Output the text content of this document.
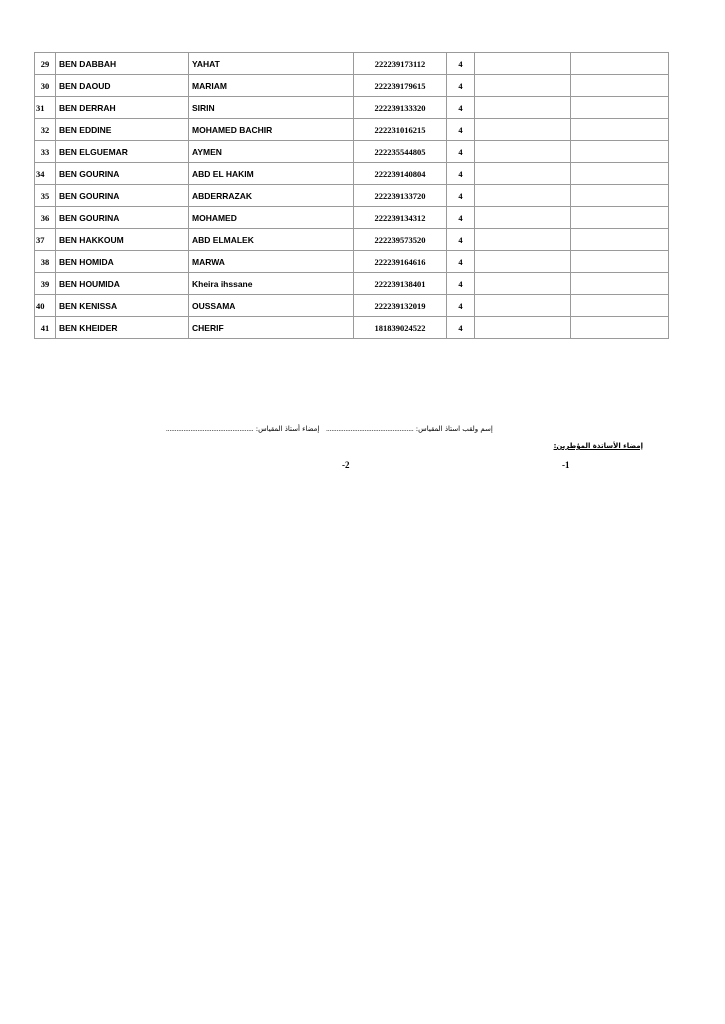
29	BEN DABBAH	YAHAT	222239173112	4		
30	BEN DAOUD	MARIAM	222239179615	4		
31	BEN DERRAH	SIRIN	222239133320	4		
32	BEN EDDINE	MOHAMED BACHIR	222231016215	4		
33	BEN ELGUEMAR	AYMEN	222235544805	4		
34	BEN GOURINA	ABD EL HAKIM	222239140804	4		
35	BEN GOURINA	ABDERRAZAK	222239133720	4		
36	BEN GOURINA	MOHAMED	222239134312	4		
37	BEN HAKKOUM	ABD ELMALEK	222239573520	4		
38	BEN HOMIDA	MARWA	222239164616	4		
39	BEN HOUMIDA	Kheira ihssane	222239138401	4		
40	BEN KENISSA	OUSSAMA	222239132019	4		
41	BEN KHEIDER	CHERIF	181839024522	4		
إسم ولقب استاذ المقياس: ..................................................   إمضاء أستاذ المقياس: ..................................................
إمضاء الأساتذة المؤطرين:
-1
-2
